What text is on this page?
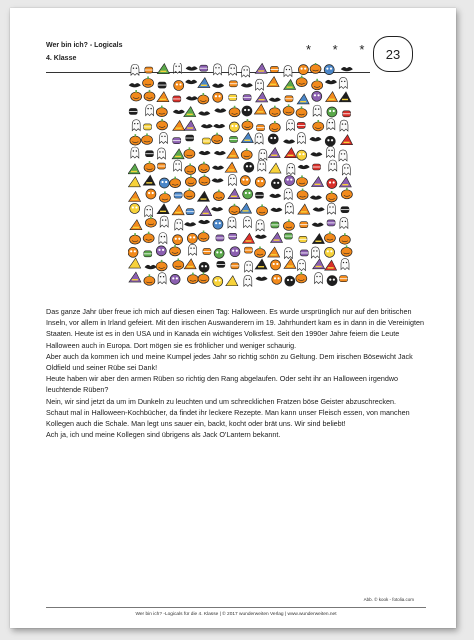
Wer bin ich? - Logicals
4. Klasse
* * * 23

Das ganze Jahr über freue ich mich auf diesen einen Tag: Halloween. Es wurde ursprünglich nur auf den britischen Inseln, vor allem in Irland gefeiert. Mit den irischen Auswanderern im 19. Jahrhundert kam es in dann in die Vereinigten Staaten. Heute ist es in den USA und in Kanada ein wichtiges Volksfest. Seit den 1990er Jahre feiern die Leute Halloween auch in Europa. Dort mögen sie es fröhlicher und weniger schaurig.

Aber auch da kommen ich und meine Kumpel jedes Jahr so richtig schön zu Geltung. Dem irischen Bösewicht Jack Oldfield und seiner Rübe sei Dank!

Heute haben wir aber den armen Rüben so richtig den Rang abgelaufen. Oder seht ihr an Halloween irgendwo leuchtende Rüben?

Nein, wir sind jetzt da um im Dunkeln zu leuchten und um schrecklichen Fratzen böse Geister abzuschrecken.

Schaut mal in Halloween-Kochbücher, da findet ihr leckere Rezepte. Man kann unser Fleisch essen, von manchen Kollegen auch die Schale. Man legt uns sauer ein, backt, kocht oder brät uns. Wir sind beliebt!

Ach ja, ich und meine Kollegen sind übrigens als Jack O'Lantern bekannt.

Abb. © kook - fotolia.com
Wer bin ich? -Logicals für die 4. Klasse | © 2017 wunderweiten Verlag | www.wunderweiten.net
